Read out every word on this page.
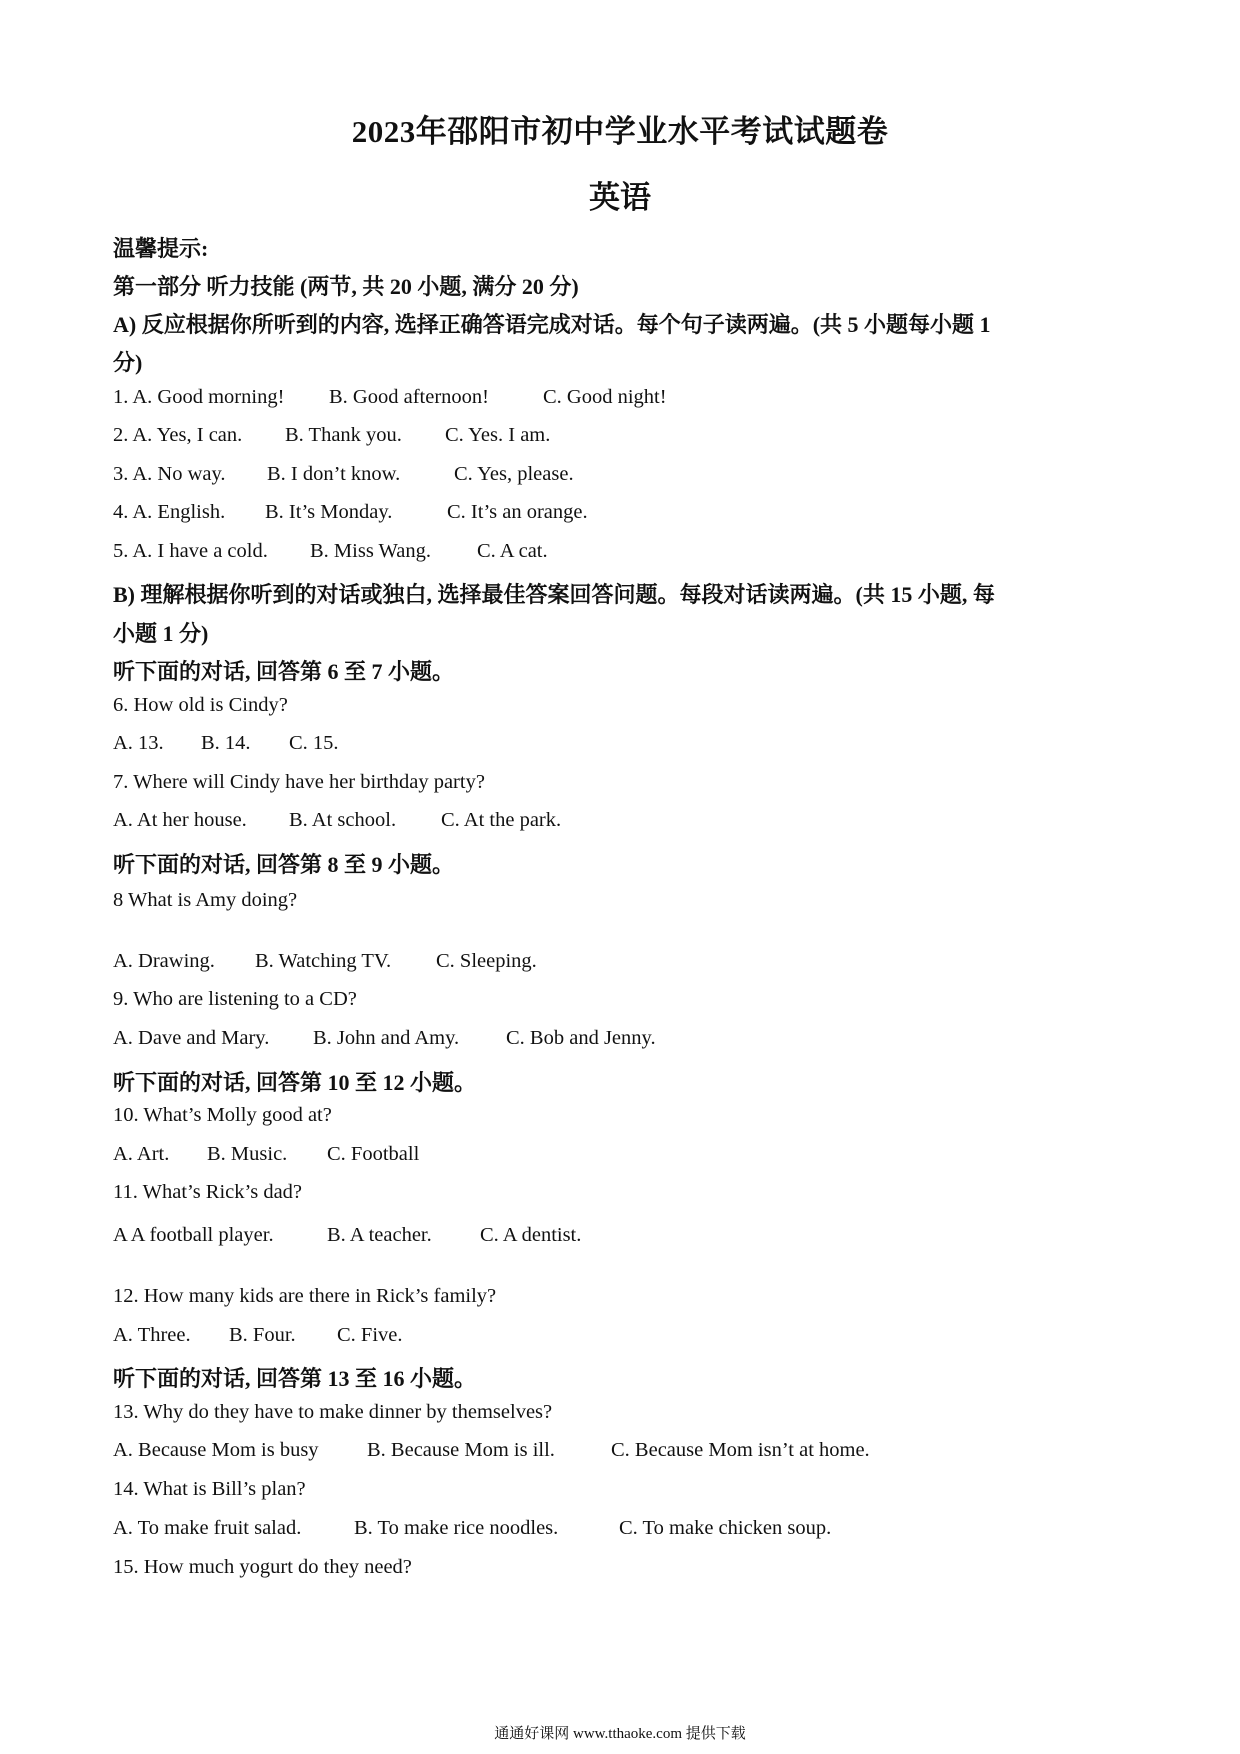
2023年邵阳市初中学业水平考试试题卷
英语
温馨提示:
第一部分 听力技能 (两节, 共 20 小题, 满分 20 分)
A) 反应根据你所听到的内容, 选择正确答语完成对话。每个句子读两遍。(共 5 小题每小题 1
分)
1. A. Good morning! B. Good afternoon!	C. Good night!
2. A. Yes, I can. B. Thank you. C. Yes. I am.
3. A. No way. B. I don’t know.	C. Yes, please.
4. A. English. B. It’s Monday.	C. It’s an orange.
5. A. I have a cold. B. Miss Wang. C. A cat.
B) 理解根据你听到的对话或独白, 选择最佳答案回答问题。每段对话读两遍。(共 15 小题, 每
小题 1 分)
听下面的对话, 回答第 6 至 7 小题。
6. How old is Cindy?
A. 13. B. 14. C. 15.
7. Where will Cindy have her birthday party?
A. At her house. B. At school. C. At the park.
听下面的对话, 回答第 8 至 9 小题。
8 What is Amy doing?
A. Drawing. B. Watching TV. C. Sleeping.
9. Who are listening to a CD?
A. Dave and Mary. B. John and Amy. C. Bob and Jenny.
听下面的对话, 回答第 10 至 12 小题。
10. What’s Molly good at?
A. Art. B. Music. C. Football
11. What’s Rick’s dad?
A A football player.	B. A teacher. C. A dentist.
12. How many kids are there in Rick’s family?
A. Three. B. Four. C. Five.
听下面的对话, 回答第 13 至 16 小题。
13. Why do they have to make dinner by themselves?
A. Because Mom is busy B. Because Mom is ill.	C. Because Mom isn’t at home.
14. What is Bill’s plan?
A. To make fruit salad.	B. To make rice noodles.	C. To make chicken soup.
15. How much yogurt do they need?
通通好课网 www.tthaoke.com 提供下载
